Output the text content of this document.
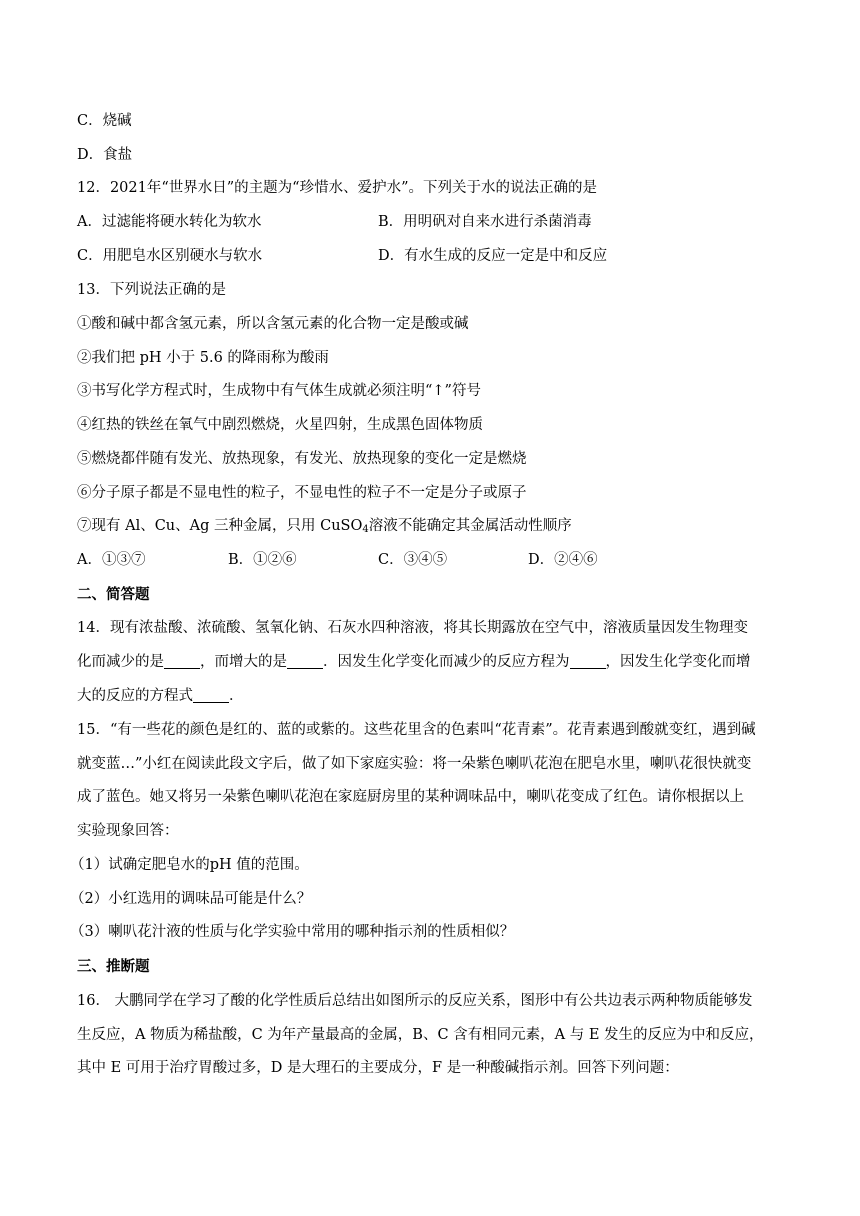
C．烧碱
D．食盐
12．2021年“世界水日”的主题为“珍惜水、爱护水”。下列关于水的说法正确的是
A．过滤能将硬水转化为软水	B．用明矾对自来水进行杀菌消毒
C．用肥皂水区别硬水与软水	D．有水生成的反应一定是中和反应
13．下列说法正确的是
①酸和碱中都含氢元素，所以含氢元素的化合物一定是酸或碱
②我们把 pH 小于 5.6 的降雨称为酸雨
③书写化学方程式时，生成物中有气体生成就必须注明“↑”符号
④红热的铁丝在氧气中剧烈燃烧，火星四射，生成黑色固体物质
⑤燃烧都伴随有发光、放热现象，有发光、放热现象的变化一定是燃烧
⑥分子原子都是不显电性的粒子，不显电性的粒子不一定是分子或原子
⑦现有 Al、Cu、Ag 三种金属，只用 CuSO$_4$溶液不能确定其金属活动性顺序
A．①③⑦	B．①②⑥	C．③④⑤	D．②④⑥
二、简答题
14．现有浓盐酸、浓硫酸、氢氧化钠、石灰水四种溶液，将其长期露放在空气中，溶液质量因发生物理变
化而减少的是 ，而增大的是 ．因发生化学变化而减少的反应方程为 ，因发生化学变化而增
大的反应的方程式 ．
15．“有一些花的颜色是红的、蓝的或紫的。这些花里含的色素叫“花青素”。花青素遇到酸就变红，遇到碱
就变蓝…”小红在阅读此段文字后，做了如下家庭实验：将一朵紫色喇叭花泡在肥皂水里，喇叭花很快就变
成了蓝色。她又将另一朵紫色喇叭花泡在家庭厨房里的某种调味品中，喇叭花变成了红色。请你根据以上
实验现象回答：
（1）试确定肥皂水的pH 值的范围。
（2）小红选用的调味品可能是什么？
（3）喇叭花汁液的性质与化学实验中常用的哪种指示剂的性质相似？
三、推断题
16． 大鹏同学在学习了酸的化学性质后总结出如图所示的反应关系，图形中有公共边表示两种物质能够发
生反应，A 物质为稀盐酸，C 为年产量最高的金属，B、C 含有相同元素，A 与 E 发生的反应为中和反应，
其中 E 可用于治疗胃酸过多，D 是大理石的主要成分，F 是一种酸碱指示剂。回答下列问题：
